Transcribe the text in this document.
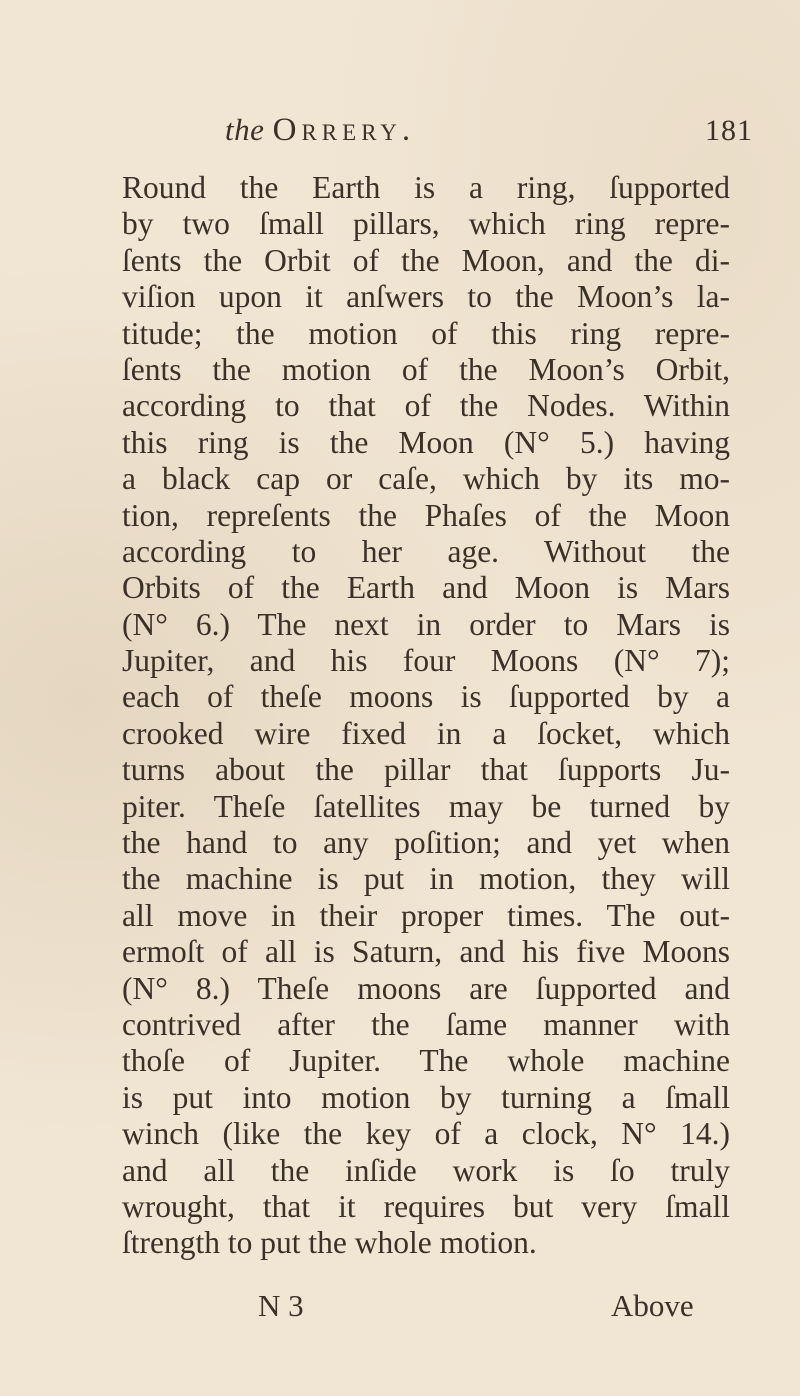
the Orrery.	181
Round the Earth is a ring, ſupported
by two ſmall pillars, which ring repre-
ſents the Orbit of the Moon, and the di-
viſion upon it anſwers to the Moon’s la-
titude; the motion of this ring repre-
ſents the motion of the Moon’s Orbit,
according to that of the Nodes. Within
this ring is the Moon (N° 5.) having
a black cap or caſe, which by its mo-
tion, repreſents the Phaſes of the Moon
according to her age. Without the
Orbits of the Earth and Moon is Mars
(N° 6.) The next in order to Mars is
Jupiter, and his four Moons (N° 7);
each of theſe moons is ſupported by a
crooked wire fixed in a ſocket, which
turns about the pillar that ſupports Ju-
piter. Theſe ſatellites may be turned by
the hand to any poſition; and yet when
the machine is put in motion, they will
all move in their proper times. The out-
ermoſt of all is Saturn, and his five Moons
(N° 8.) Theſe moons are ſupported and
contrived after the ſame manner with
thoſe of Jupiter. The whole machine
is put into motion by turning a ſmall
winch (like the key of a clock, N° 14.)
and all the inſide work is ſo truly
wrought, that it requires but very ſmall
ſtrength to put the whole motion.
N 3	Above
